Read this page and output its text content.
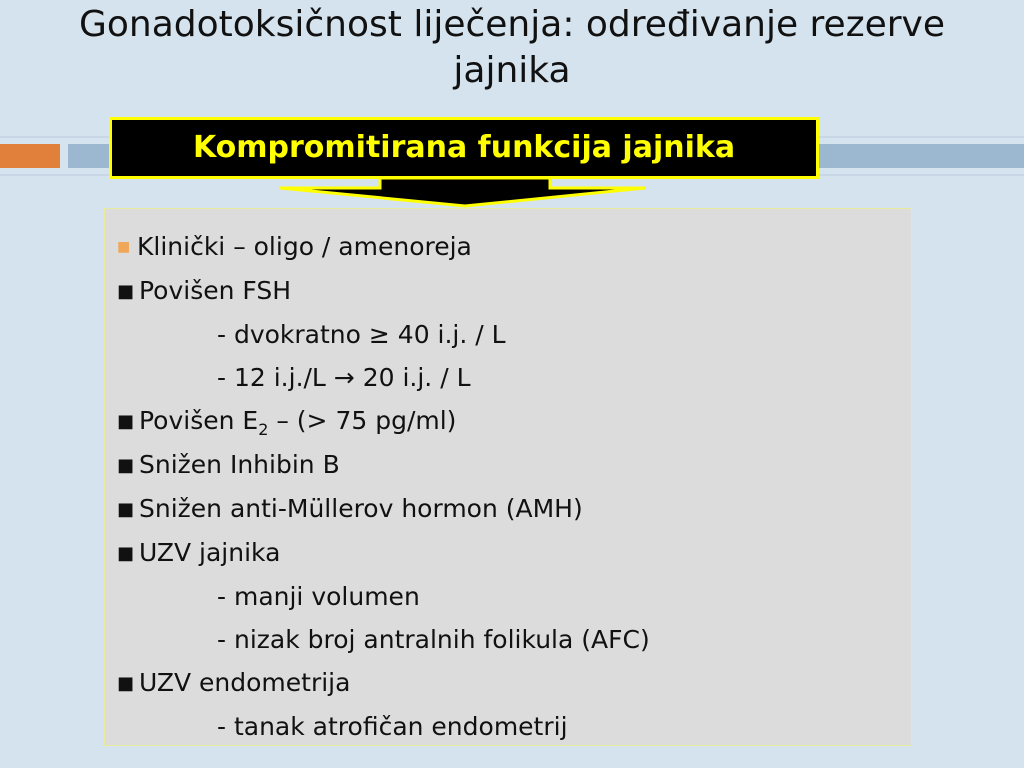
Gonadotoksičnost liječenja: određivanje rezerve
jajnika
Kompromitirana funkcija jajnika
■ Klinički – oligo / amenoreja
■ Povišen FSH
- dvokratno ≥ 40 i.j. / L
- 12 i.j./L → 20 i.j. / L
■ Povišen $E_2$ – (> 75 pg/ml)
■ Snižen Inhibin B
■ Snižen anti-Müllerov hormon (AMH)
■ UZV jajnika
- manji volumen
- nizak broj antralnih folikula (AFC)
■ UZV endometrija
- tanak atrofičan endometrij
